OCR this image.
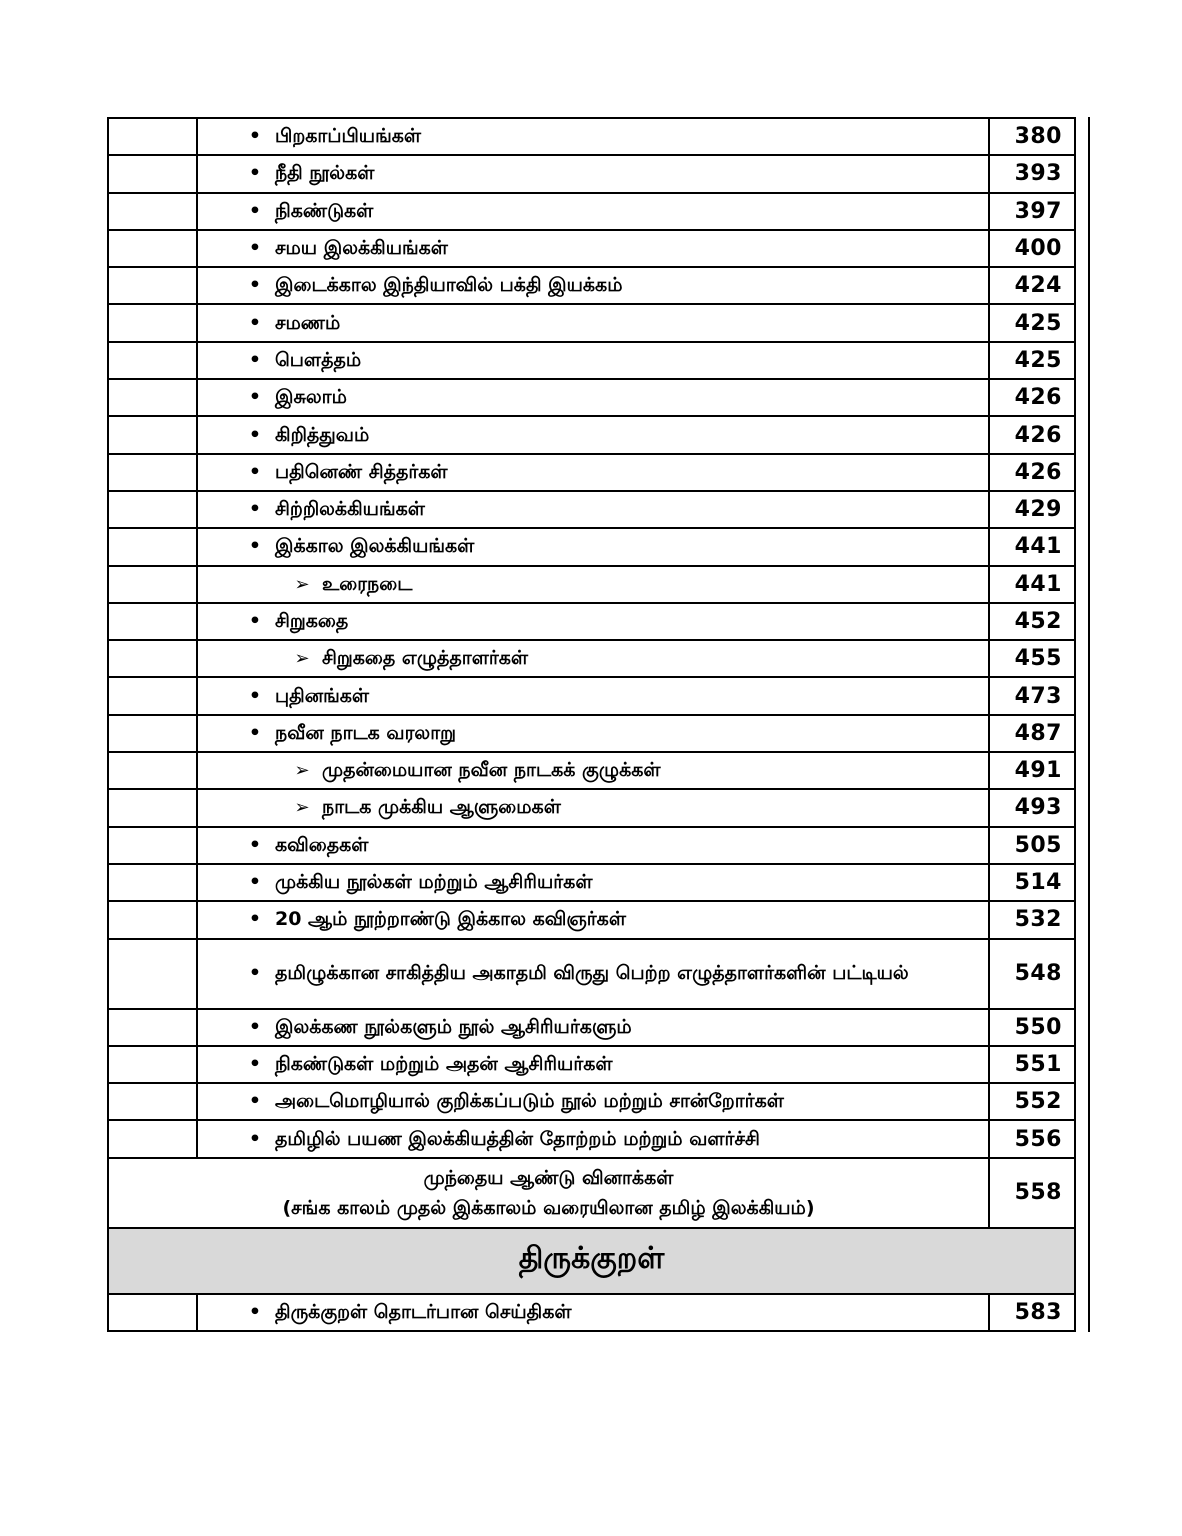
	• பிறகாப்பியங்கள்	380
	• நீதி நூல்கள்	393
	• நிகண்டுகள்	397
	• சமய இலக்கியங்கள்	400
	• இடைக்கால இந்தியாவில் பக்தி இயக்கம்	424
	• சமணம்	425
	• பௌத்தம்	425
	• இசுலாம்	426
	• கிறித்துவம்	426
	• பதினெண் சித்தர்கள்	426
	• சிற்றிலக்கியங்கள்	429
	• இக்கால இலக்கியங்கள்	441
	➢ உரைநடை	441
	• சிறுகதை	452
	➢ சிறுகதை எழுத்தாளர்கள்	455
	• புதினங்கள்	473
	• நவீன நாடக வரலாறு	487
	➢ முதன்மையான நவீன நாடகக் குழுக்கள்	491
	➢ நாடக முக்கிய ஆளுமைகள்	493
	• கவிதைகள்	505
	• முக்கிய நூல்கள் மற்றும் ஆசிரியர்கள்	514
	• 20 ஆம் நூற்றாண்டு இக்கால கவிஞர்கள்	532

	• தமிழுக்கான சாகித்திய அகாதமி விருது பெற்ற எழுத்தாளர்களின் பட்டியல்	548
	• இலக்கண நூல்களும் நூல் ஆசிரியர்களும்	550
	• நிகண்டுகள் மற்றும் அதன் ஆசிரியர்கள்	551
	• அடைமொழியால் குறிக்கப்படும் நூல் மற்றும் சான்றோர்கள்	552
	• தமிழில் பயண இலக்கியத்தின் தோற்றம் மற்றும் வளர்ச்சி	556

முந்தைய ஆண்டு வினாக்கள்
(சங்க காலம் முதல் இக்காலம் வரையிலான தமிழ் இலக்கியம்)		558
திருக்குறள்		
	• திருக்குறள் தொடர்பான செய்திகள்	583
